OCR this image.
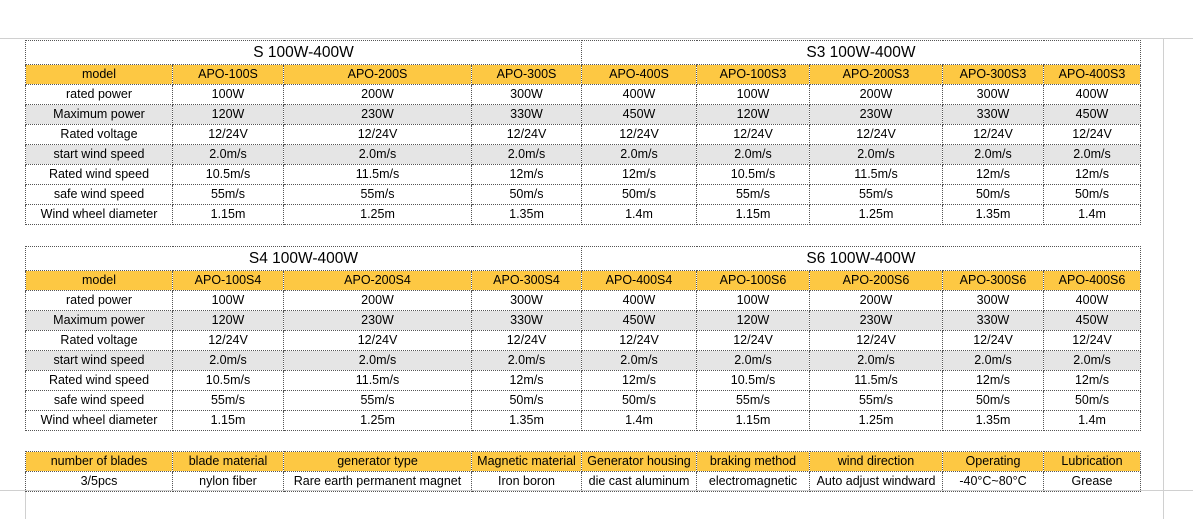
S 100W-400W				S3 100W-400W				
model	APO-100S	APO-200S	APO-300S	APO-400S	APO-100S3	APO-200S3	APO-300S3	APO-400S3
rated power	100W	200W	300W	400W	100W	200W	300W	400W
Maximum power	120W	230W	330W	450W	120W	230W	330W	450W
Rated voltage	12/24V	12/24V	12/24V	12/24V	12/24V	12/24V	12/24V	12/24V
start wind speed	2.0m/s	2.0m/s	2.0m/s	2.0m/s	2.0m/s	2.0m/s	2.0m/s	2.0m/s
Rated wind speed	10.5m/s	11.5m/s	12m/s	12m/s	10.5m/s	11.5m/s	12m/s	12m/s
safe wind speed	55m/s	55m/s	50m/s	50m/s	55m/s	55m/s	50m/s	50m/s
Wind wheel diameter	1.15m	1.25m	1.35m	1.4m	1.15m	1.25m	1.35m	1.4m
S4 100W-400W				S6 100W-400W				
model	APO-100S4	APO-200S4	APO-300S4	APO-400S4	APO-100S6	APO-200S6	APO-300S6	APO-400S6
rated power	100W	200W	300W	400W	100W	200W	300W	400W
Maximum power	120W	230W	330W	450W	120W	230W	330W	450W
Rated voltage	12/24V	12/24V	12/24V	12/24V	12/24V	12/24V	12/24V	12/24V
start wind speed	2.0m/s	2.0m/s	2.0m/s	2.0m/s	2.0m/s	2.0m/s	2.0m/s	2.0m/s
Rated wind speed	10.5m/s	11.5m/s	12m/s	12m/s	10.5m/s	11.5m/s	12m/s	12m/s
safe wind speed	55m/s	55m/s	50m/s	50m/s	55m/s	55m/s	50m/s	50m/s
Wind wheel diameter	1.15m	1.25m	1.35m	1.4m	1.15m	1.25m	1.35m	1.4m
number of blades	blade material	generator type	Magnetic material	Generator housing	braking method	wind direction	Operating	Lubrication
3/5pcs	nylon fiber	Rare earth permanent magnet	Iron boron	die cast aluminum	electromagnetic	Auto adjust windward	-40°C~80°C	Grease
